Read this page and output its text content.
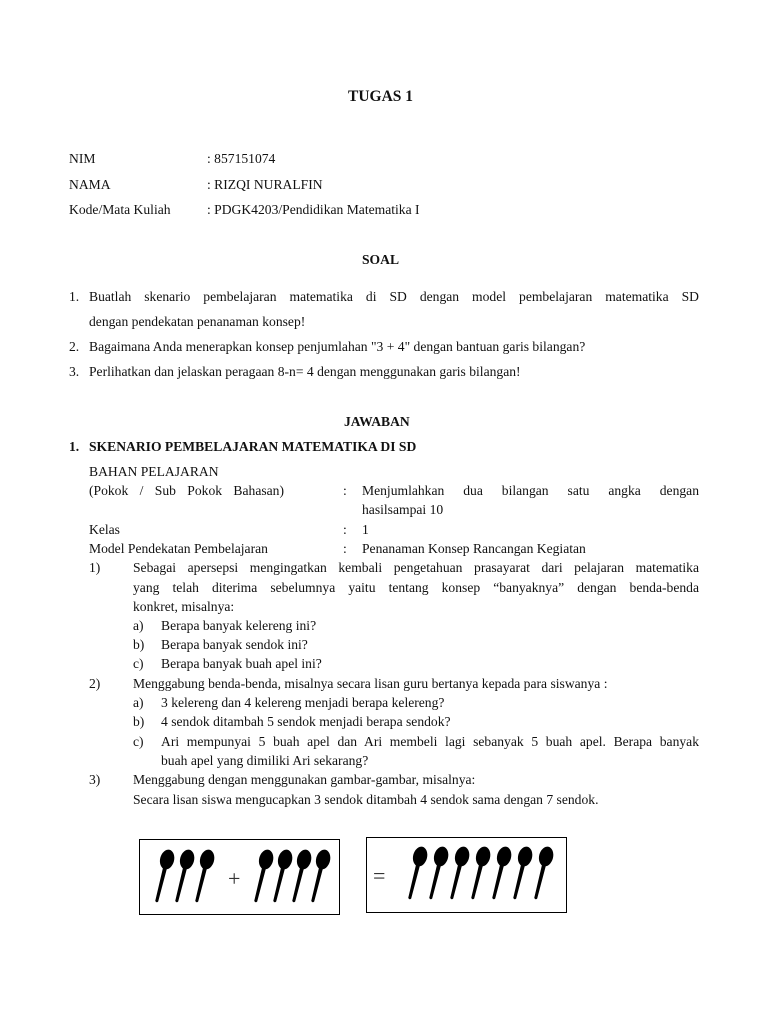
TUGAS 1
NIM	: 857151074
NAMA	: RIZQI NURALFIN
Kode/Mata Kuliah	: PDGK4203/Pendidikan Matematika I
SOAL
1. Buatlah skenario pembelajaran matematika di SD dengan model pembelajaran matematika SD
dengan pendekatan penanaman konsep!
2. Bagaimana Anda menerapkan konsep penjumlahan "3 + 4" dengan bantuan garis bilangan?
3. Perlihatkan dan jelaskan peragaan 8-n= 4 dengan menggunakan garis bilangan!
JAWABAN
1. SKENARIO PEMBELAJARAN MATEMATIKA DI SD
BAHAN PELAJARAN
(Pokok / Sub Pokok Bahasan)	: Menjumlahkan dua bilangan satu angka dengan
hasilsampai 10
Kelas	: 1
Model Pendekatan Pembelajaran	: Penanaman Konsep Rancangan Kegiatan
1) Sebagai apersepsi mengingatkan kembali pengetahuan prasayarat dari pelajaran matematika
yang telah diterima sebelumnya yaitu tentang konsep “banyaknya” dengan benda-benda
konkret, misalnya:
a) Berapa banyak kelereng ini?
b) Berapa banyak sendok ini?
c) Berapa banyak buah apel ini?
2) Menggabung benda-benda, misalnya secara lisan guru bertanya kepada para siswanya :
a) 3 kelereng dan 4 kelereng menjadi berapa kelereng?
b) 4 sendok ditambah 5 sendok menjadi berapa sendok?
c) Ari mempunyai 5 buah apel dan Ari membeli lagi sebanyak 5 buah apel. Berapa banyak
buah apel yang dimiliki Ari sekarang?
3) Menggabung dengan menggunakan gambar-gambar, misalnya:
Secara lisan siswa mengucapkan 3 sendok ditambah 4 sendok sama dengan 7 sendok.
+	=
